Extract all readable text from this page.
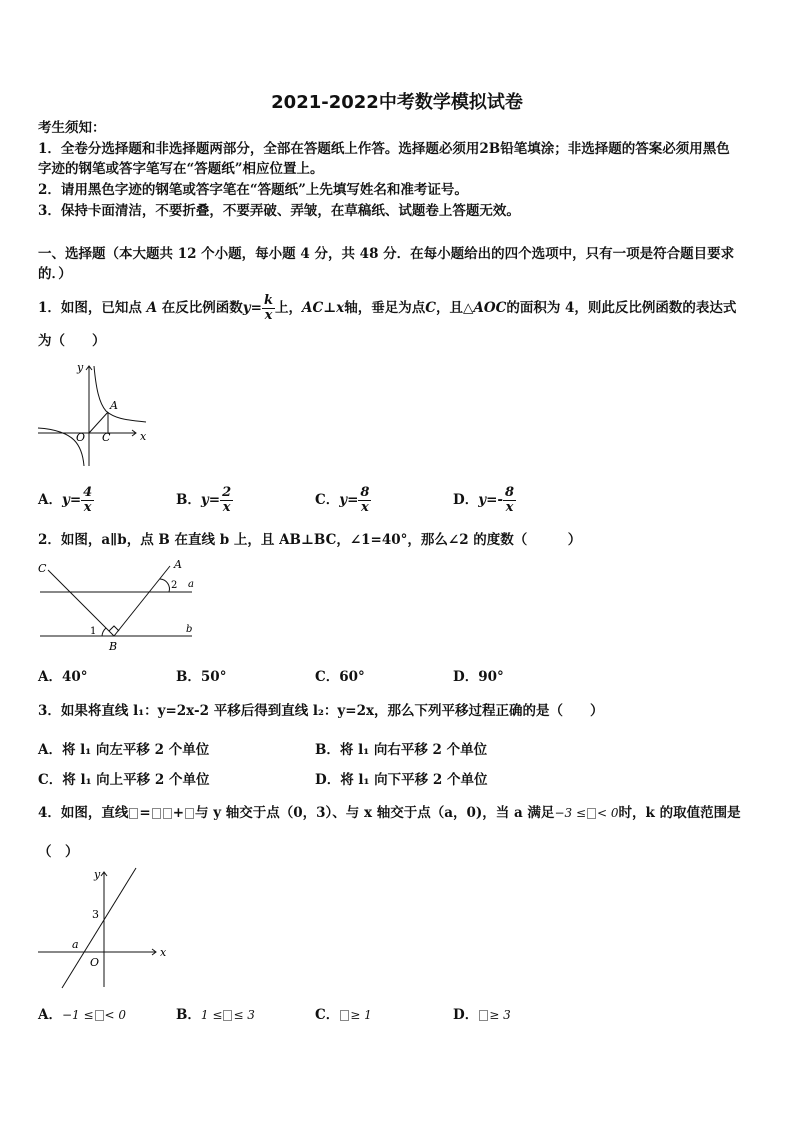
2021-2022中考数学模拟试卷
考生须知：
1．全卷分选择题和非选择题两部分，全部在答题纸上作答。选择题必须用2B铅笔填涂；非选择题的答案必须用黑色
字迹的钢笔或答字笔写在“答题纸”相应位置上。
2．请用黑色字迹的钢笔或答字笔在“答题纸”上先填写姓名和准考证号。
3．保持卡面清洁，不要折叠，不要弄破、弄皱，在草稿纸、试题卷上答题无效。
一、选择题（本大题共 12 个小题，每小题 4 分，共 48 分．在每小题给出的四个选项中，只有一项是符合题目要求
的．）
1．如图，已知点 A 在反比例函数$y= \frac{k}{x}$ 上，AC⊥x轴，垂足为点C，且△AOC的面积为 4，则此反比例函数的表达式
为（　　）
y
x
O C
A
A．$y= \frac{4}{x}$	B．$y= \frac{2}{x}$	C．$y= \frac{8}{x}$	D．$y=- \frac{8}{x}$
2．如图，a∥b，点 B 在直线 b 上，且 AB⊥BC，∠1=40°，那么∠2 的度数（　　　）
C	A
2 a
1
B
b
A．40°	B．50°	C．60°	D．90°
3．如果将直线 l₁：y=2x-2 平移后得到直线 l₂：y=2x，那么下列平移过程正确的是（　　）
A．将 l₁ 向左平移 2 个单位	B．将 l₁ 向右平移 2 个单位
C．将 l₁ 向上平移 2 个单位	D．将 l₁ 向下平移 2 个单位
4．如图，直线 = + 与 y 轴交于点（0，3）、与 x 轴交于点（a，0)，当 a 满足−3 ≤ < 0时，k 的取值范围是
（　）
y
3
a
x
O
A．−1 ≤ < 0	B．1 ≤ ≤ 3	C． ≥ 1	D． ≥ 3
